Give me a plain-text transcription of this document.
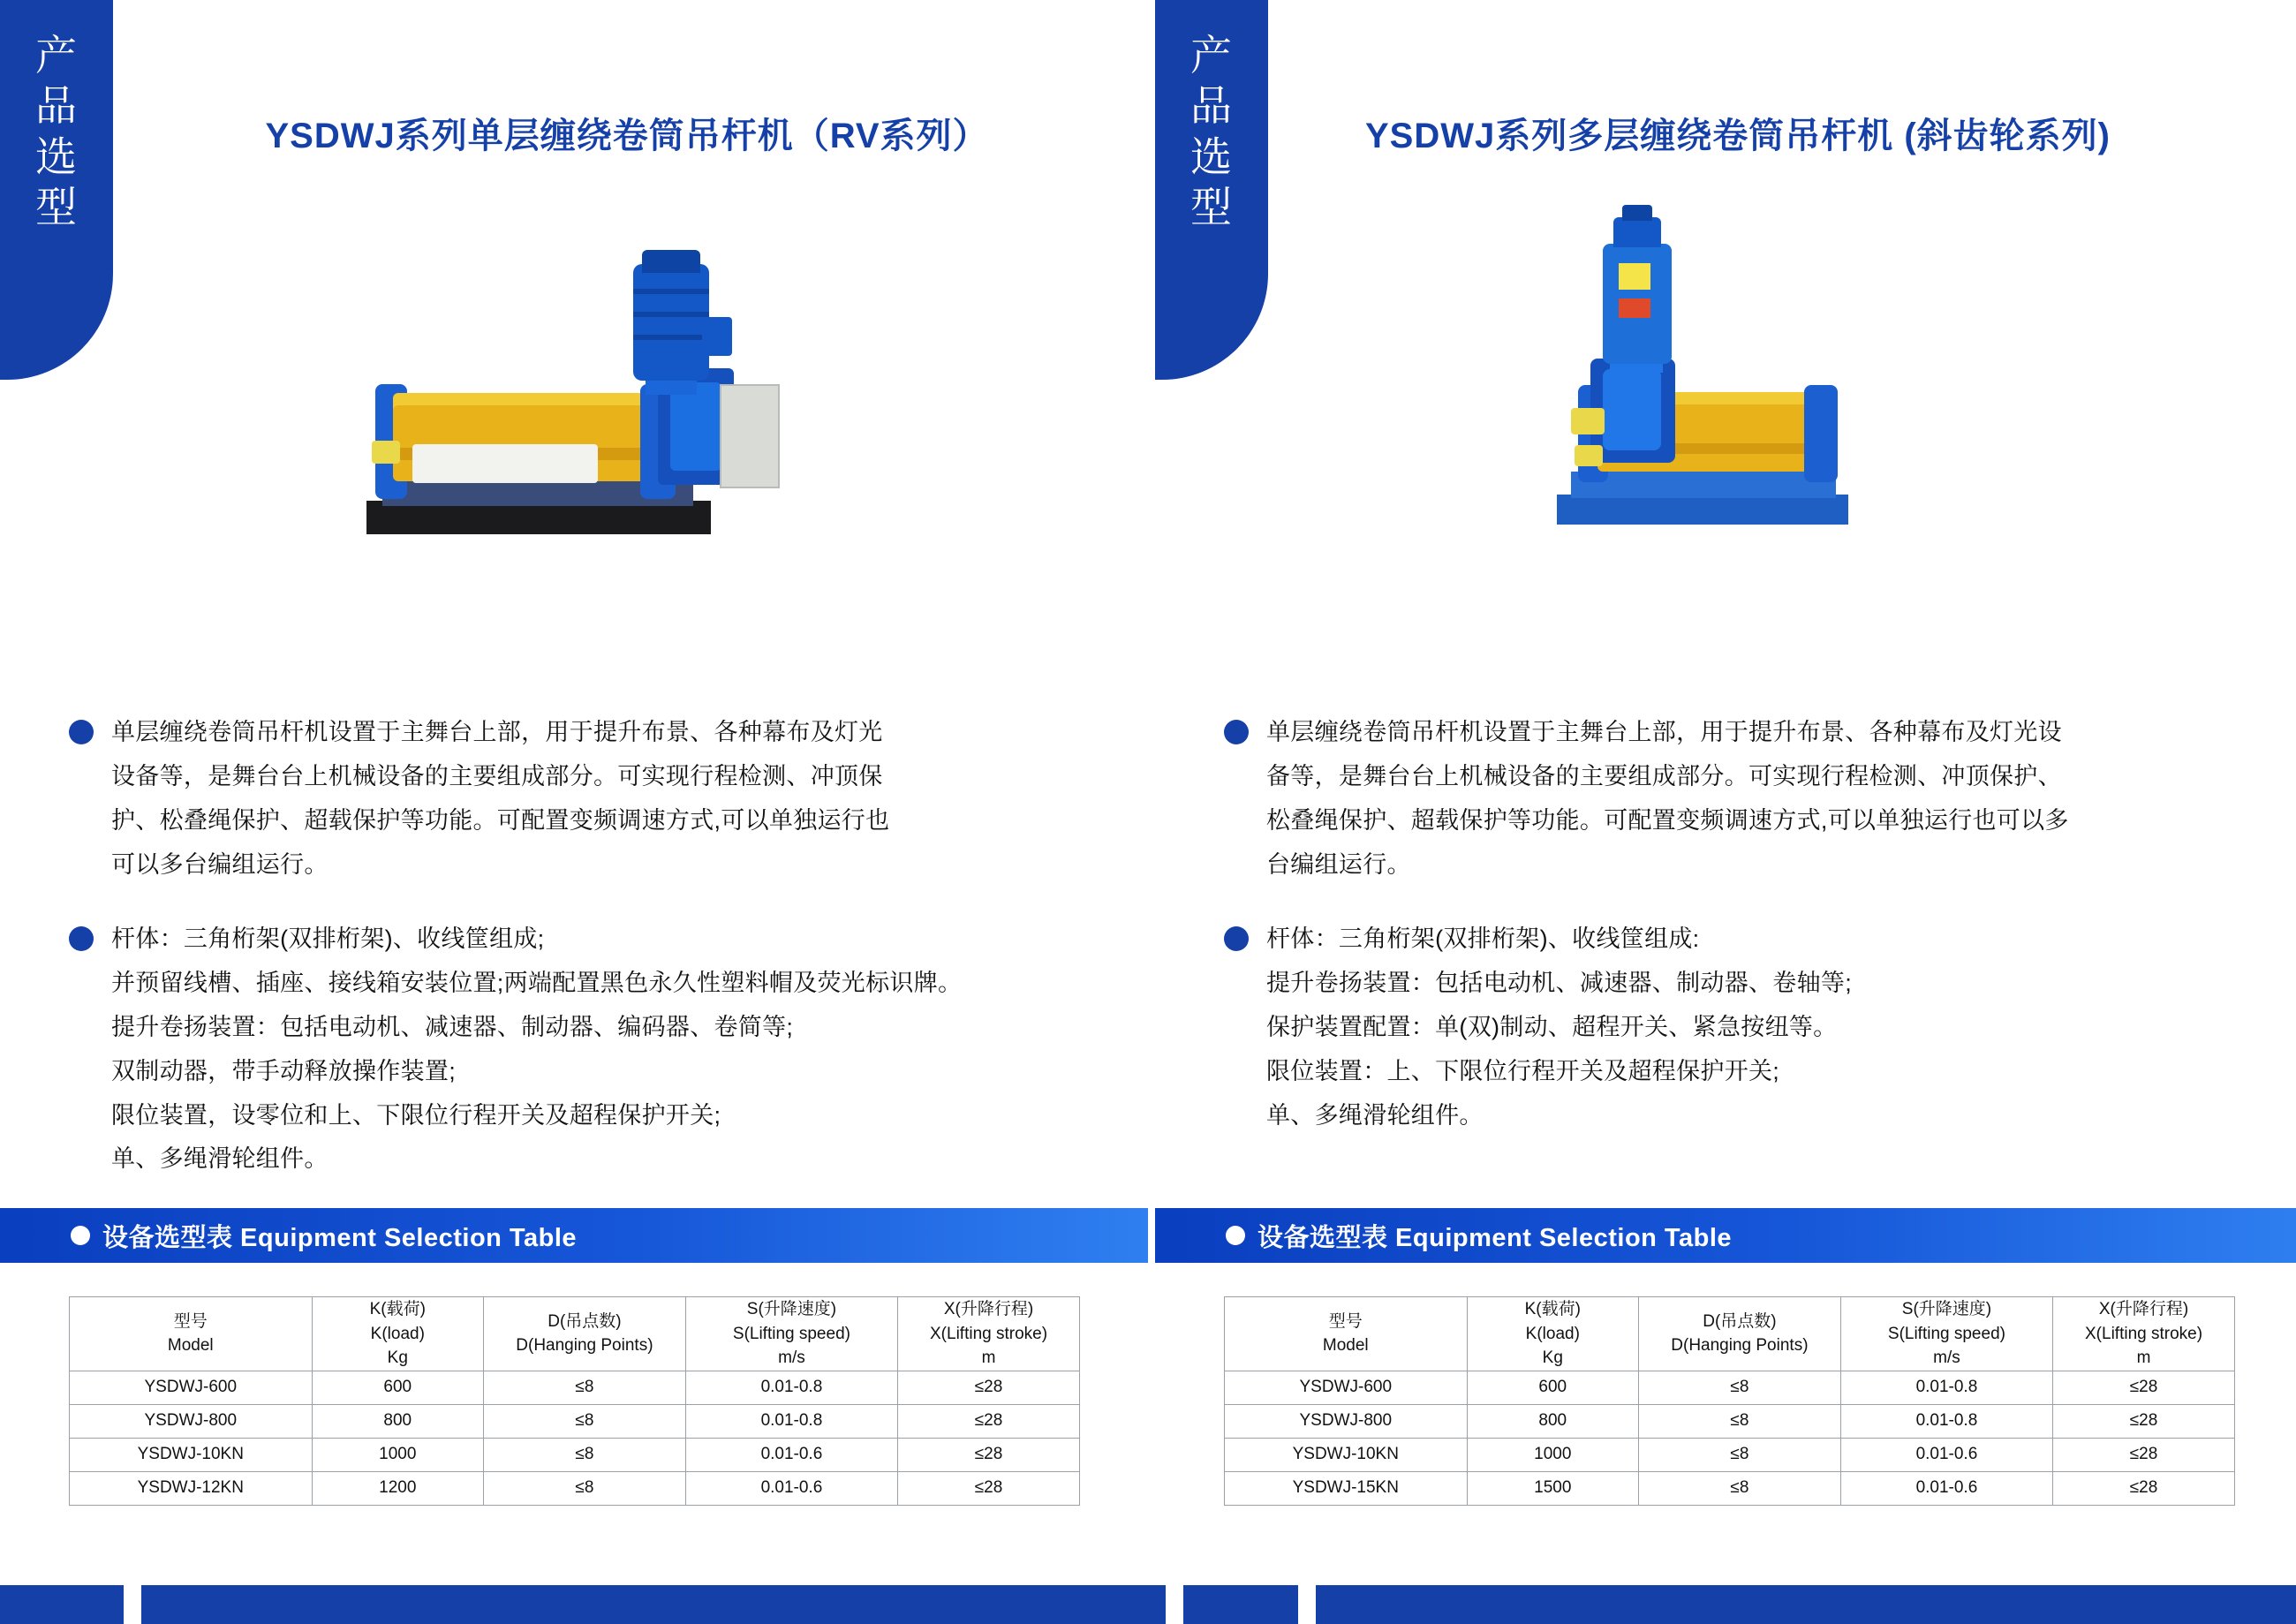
产
品
选
型
YSDWJ系列单层缠绕卷筒吊杆机（RV系列）

单层缠绕卷筒吊杆机设置于主舞台上部，用于提升布景、各种幕布及灯光

设备等，是舞台台上机械设备的主要组成部分。可实现行程检测、冲顶保

护、松叠绳保护、超载保护等功能。可配置变频调速方式,可以单独运行也

可以多台编组运行。

杆体：三角桁架(双排桁架)、收线筐组成;

并预留线槽、插座、接线箱安装位置;两端配置黑色永久性塑料帽及荧光标识牌。

提升卷扬装置：包括电动机、减速器、制动器、编码器、卷简等;

双制动器，带手动释放操作装置;

限位装置，设零位和上、下限位行程开关及超程保护开关;

单、多绳滑轮组件。

设备选型表 Equipment Selection Table
型号
Model

K(载荷)
K(load)
Kg

D(吊点数)
D(Hanging Points)

S(升降速度)
S(Lifting speed)
m/s

X(升降行程)
X(Lifting stroke)
m

YSDWJ-600	600	≤8	0.01-0.8	≤28
YSDWJ-800	800	≤8	0.01-0.8	≤28
YSDWJ-10KN	1000	≤8	0.01-0.6	≤28
YSDWJ-12KN	1200	≤8	0.01-0.6	≤28
产
品
选
型
YSDWJ系列多层缠绕卷筒吊杆机 (斜齿轮系列)

单层缠绕卷筒吊杆机设置于主舞台上部，用于提升布景、各种幕布及灯光设

备等，是舞台台上机械设备的主要组成部分。可实现行程检测、冲顶保护、

松叠绳保护、超载保护等功能。可配置变频调速方式,可以单独运行也可以多

台编组运行。

杆体：三角桁架(双排桁架)、收线筐组成:

提升卷扬装置：包括电动机、减速器、制动器、卷轴等;

保护装置配置：单(双)制动、超程开关、紧急按纽等。

限位装置：上、下限位行程开关及超程保护开关;

单、多绳滑轮组件。

设备选型表 Equipment Selection Table
型号
Model

K(载荷)
K(load)
Kg

D(吊点数)
D(Hanging Points)

S(升降速度)
S(Lifting speed)
m/s

X(升降行程)
X(Lifting stroke)
m

YSDWJ-600	600	≤8	0.01-0.8	≤28
YSDWJ-800	800	≤8	0.01-0.8	≤28
YSDWJ-10KN	1000	≤8	0.01-0.6	≤28
YSDWJ-15KN	1500	≤8	0.01-0.6	≤28
